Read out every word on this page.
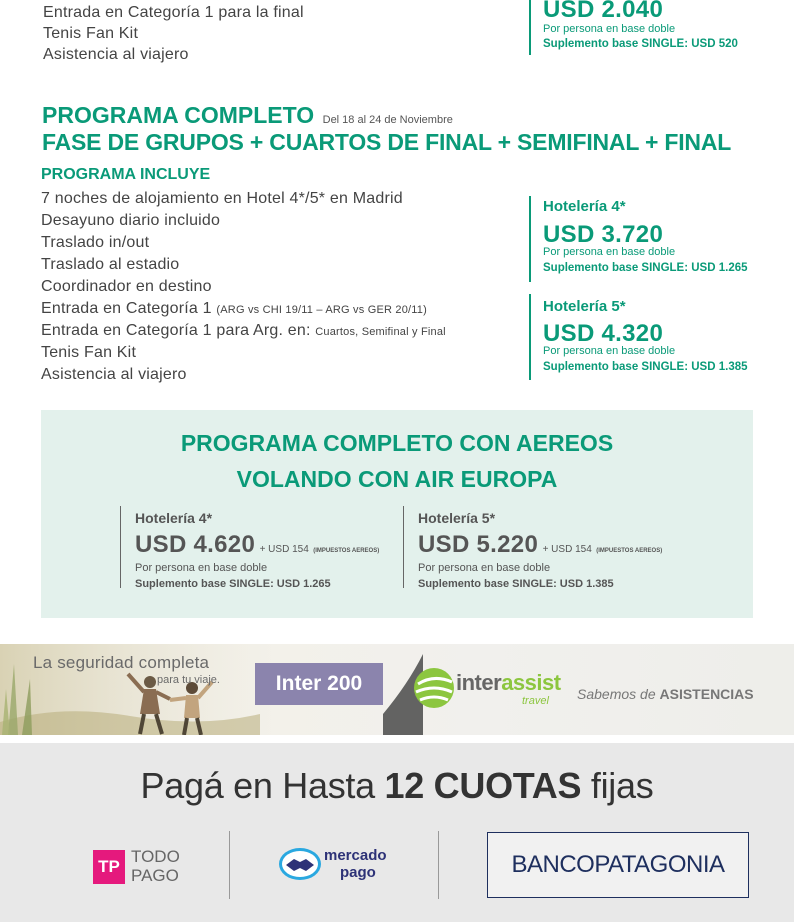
Entrada en Categoría 1 para la final
Tenis Fan Kit
Asistencia al viajero
USD 2.040
Por persona en base doble
Suplemento base SINGLE: USD 520
PROGRAMA COMPLETO Del 18 al 24 de Noviembre
FASE DE GRUPOS + CUARTOS DE FINAL + SEMIFINAL + FINAL
PROGRAMA INCLUYE
7 noches de alojamiento en Hotel 4*/5* en Madrid
Desayuno diario incluido
Traslado in/out
Traslado al estadio
Coordinador en destino
Entrada en Categoría 1 (ARG vs CHI 19/11 – ARG vs GER 20/11)
Entrada en Categoría 1 para Arg. en: Cuartos, Semifinal y Final
Tenis Fan Kit
Asistencia al viajero
Hotelería 4*
USD 3.720
Por persona en base doble
Suplemento base SINGLE: USD 1.265
Hotelería 5*
USD 4.320
Por persona en base doble
Suplemento base SINGLE: USD 1.385
PROGRAMA COMPLETO CON AEREOS
VOLANDO CON AIR EUROPA
Hotelería 4*
USD 4.620 + USD 154 (IMPUESTOS AEREOS)
Por persona en base doble
Suplemento base SINGLE: USD 1.265
Hotelería 5*
USD 5.220 + USD 154 (IMPUESTOS AEREOS)
Por persona en base doble
Suplemento base SINGLE: USD 1.385
La seguridad completa
para tu viaje.	Inter 200	interassist
travel Sabemos de ASISTENCIAS
Pagá en Hasta 12 CUOTAS fijas
TP
TODO
PAGO
mercado
pago	BANCOPATAGONIA
